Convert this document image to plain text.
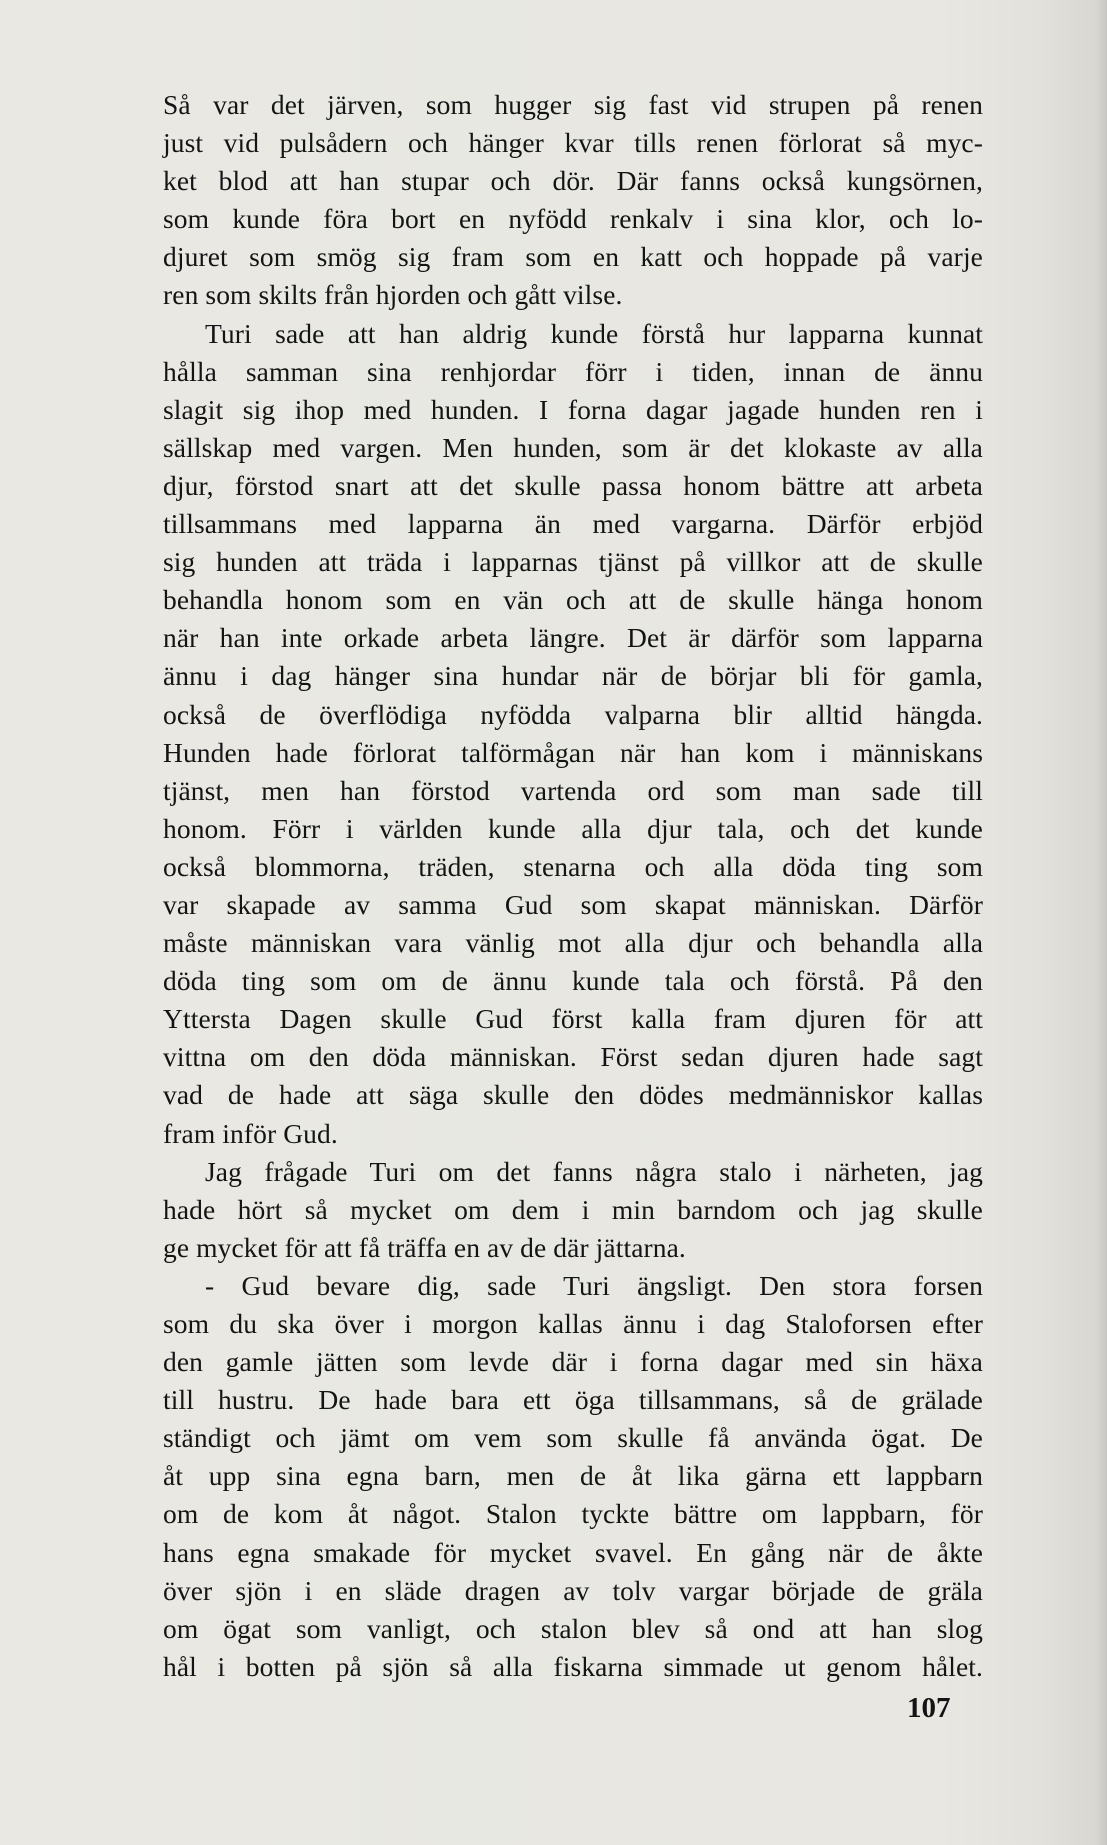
Så var det järven, som hugger sig fast vid strupen på renen
just vid pulsådern och hänger kvar tills renen förlorat så myc-
ket blod att han stupar och dör. Där fanns också kungsörnen,
som kunde föra bort en nyfödd renkalv i sina klor, och lo-
djuret som smög sig fram som en katt och hoppade på varje
ren som skilts från hjorden och gått vilse.
Turi sade att han aldrig kunde förstå hur lapparna kunnat
hålla samman sina renhjordar förr i tiden, innan de ännu
slagit sig ihop med hunden. I forna dagar jagade hunden ren i
sällskap med vargen. Men hunden, som är det klokaste av alla
djur, förstod snart att det skulle passa honom bättre att arbeta
tillsammans med lapparna än med vargarna. Därför erbjöd
sig hunden att träda i lapparnas tjänst på villkor att de skulle
behandla honom som en vän och att de skulle hänga honom
när han inte orkade arbeta längre. Det är därför som lapparna
ännu i dag hänger sina hundar när de börjar bli för gamla,
också de överflödiga nyfödda valparna blir alltid hängda.
Hunden hade förlorat talförmågan när han kom i människans
tjänst, men han förstod vartenda ord som man sade till
honom. Förr i världen kunde alla djur tala, och det kunde
också blommorna, träden, stenarna och alla döda ting som
var skapade av samma Gud som skapat människan. Därför
måste människan vara vänlig mot alla djur och behandla alla
döda ting som om de ännu kunde tala och förstå. På den
Yttersta Dagen skulle Gud först kalla fram djuren för att
vittna om den döda människan. Först sedan djuren hade sagt
vad de hade att säga skulle den dödes medmänniskor kallas
fram inför Gud.
Jag frågade Turi om det fanns några stalo i närheten, jag
hade hört så mycket om dem i min barndom och jag skulle
ge mycket för att få träffa en av de där jättarna.
- Gud bevare dig, sade Turi ängsligt. Den stora forsen
som du ska över i morgon kallas ännu i dag Staloforsen efter
den gamle jätten som levde där i forna dagar med sin häxa
till hustru. De hade bara ett öga tillsammans, så de grälade
ständigt och jämt om vem som skulle få använda ögat. De
åt upp sina egna barn, men de åt lika gärna ett lappbarn
om de kom åt något. Stalon tyckte bättre om lappbarn, för
hans egna smakade för mycket svavel. En gång när de åkte
över sjön i en släde dragen av tolv vargar började de gräla
om ögat som vanligt, och stalon blev så ond att han slog
hål i botten på sjön så alla fiskarna simmade ut genom hålet.
107
